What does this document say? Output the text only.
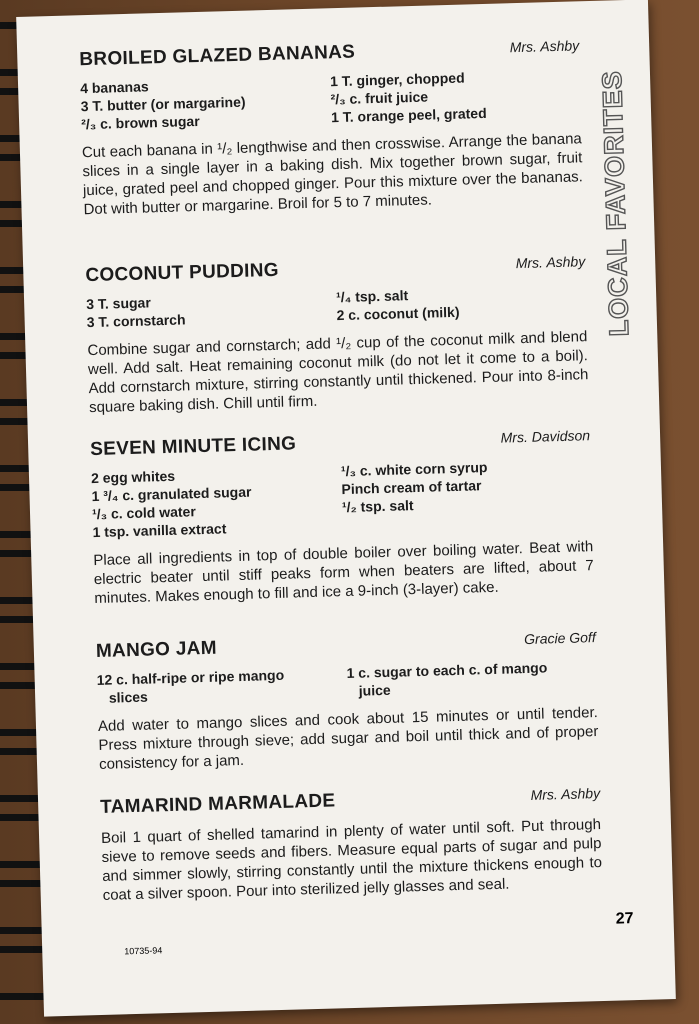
LOCAL FAVORITES
BROILED GLAZED BANANAS	Mrs. Ashby
4 bananas
3 T. butter (or margarine)
²/₃ c. brown sugar
1 T. ginger, chopped
²/₃ c. fruit juice
1 T. orange peel, grated
Cut each banana in ¹/₂ lengthwise and then crosswise. Arrange the banana slices in a single layer in a baking dish. Mix together brown sugar, fruit juice, grated peel and chopped ginger. Pour this mixture over the bananas. Dot with butter or margarine. Broil for 5 to 7 minutes.
COCONUT PUDDING	Mrs. Ashby
3 T. sugar
3 T. cornstarch
¹/₄ tsp. salt
2 c. coconut (milk)
Combine sugar and cornstarch; add ¹/₂ cup of the coconut milk and blend well. Add salt. Heat remaining coconut milk (do not let it come to a boil). Add cornstarch mixture, stirring constantly until thickened. Pour into 8-inch square baking dish. Chill until firm.
SEVEN MINUTE ICING	Mrs. Davidson
2 egg whites
1 ³/₄ c. granulated sugar
¹/₃ c. cold water
1 tsp. vanilla extract
¹/₃ c. white corn syrup
Pinch cream of tartar
¹/₂ tsp. salt
Place all ingredients in top of double boiler over boiling water. Beat with electric beater until stiff peaks form when beaters are lifted, about 7 minutes. Makes enough to fill and ice a 9-inch (3-layer) cake.
MANGO JAM	Gracie Goff
12 c. half-ripe or ripe mango
slices
1 c. sugar to each c. of mango
juice
Add water to mango slices and cook about 15 minutes or until tender. Press mixture through sieve; add sugar and boil until thick and of proper consistency for a jam.
TAMARIND MARMALADE	Mrs. Ashby
Boil 1 quart of shelled tamarind in plenty of water until soft. Put through sieve to remove seeds and fibers. Measure equal parts of sugar and pulp and simmer slowly, stirring constantly until the mixture thickens enough to coat a silver spoon. Pour into sterilized jelly glasses and seal.
27
10735-94
